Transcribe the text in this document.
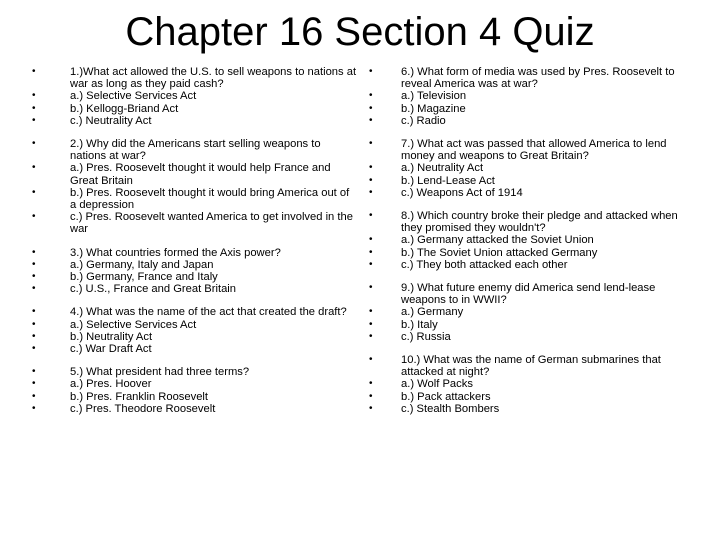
Chapter 16 Section 4 Quiz
•	1.)What act allowed the U.S. to sell weapons to nations at war as long as they paid cash?
•	a.) Selective Services Act
•	b.) Kellogg-Briand Act
•	c.) Neutrality Act
•	2.) Why did the Americans start selling weapons to nations at war?
•	a.) Pres. Roosevelt thought it would help France and Great Britain
•	b.) Pres. Roosevelt thought it would bring America out of a depression
•	c.) Pres. Roosevelt wanted America to get involved in the war
•	3.) What countries formed the Axis power?
•	a.) Germany, Italy and Japan
•	b.) Germany, France and Italy
•	c.) U.S., France and Great Britain
•	4.) What was the name of the act that created the draft?
•	a.) Selective Services Act
•	b.) Neutrality Act
•	c.) War Draft Act
•	5.) What president had three terms?
•	a.) Pres. Hoover
•	b.) Pres. Franklin Roosevelt
•	c.) Pres. Theodore Roosevelt
•	6.) What form of media was used by Pres. Roosevelt to reveal America was at war?
•	a.) Television
•	b.) Magazine
•	c.) Radio
•	7.) What act was passed that allowed America to lend money and weapons to Great Britain?
•	a.) Neutrality Act
•	b.) Lend-Lease Act
•	c.) Weapons Act of 1914
•	8.) Which country broke their pledge and attacked when they promised they wouldn't?
•	a.) Germany attacked the Soviet Union
•	b.) The Soviet Union attacked Germany
•	c.) They both attacked each other
•	9.) What future enemy did America send lend-lease weapons to in WWII?
•	a.) Germany
•	b.) Italy
•	c.) Russia
•	10.) What was the name of German submarines that attacked at night?
•	a.) Wolf Packs
•	b.) Pack attackers
•	c.) Stealth Bombers
